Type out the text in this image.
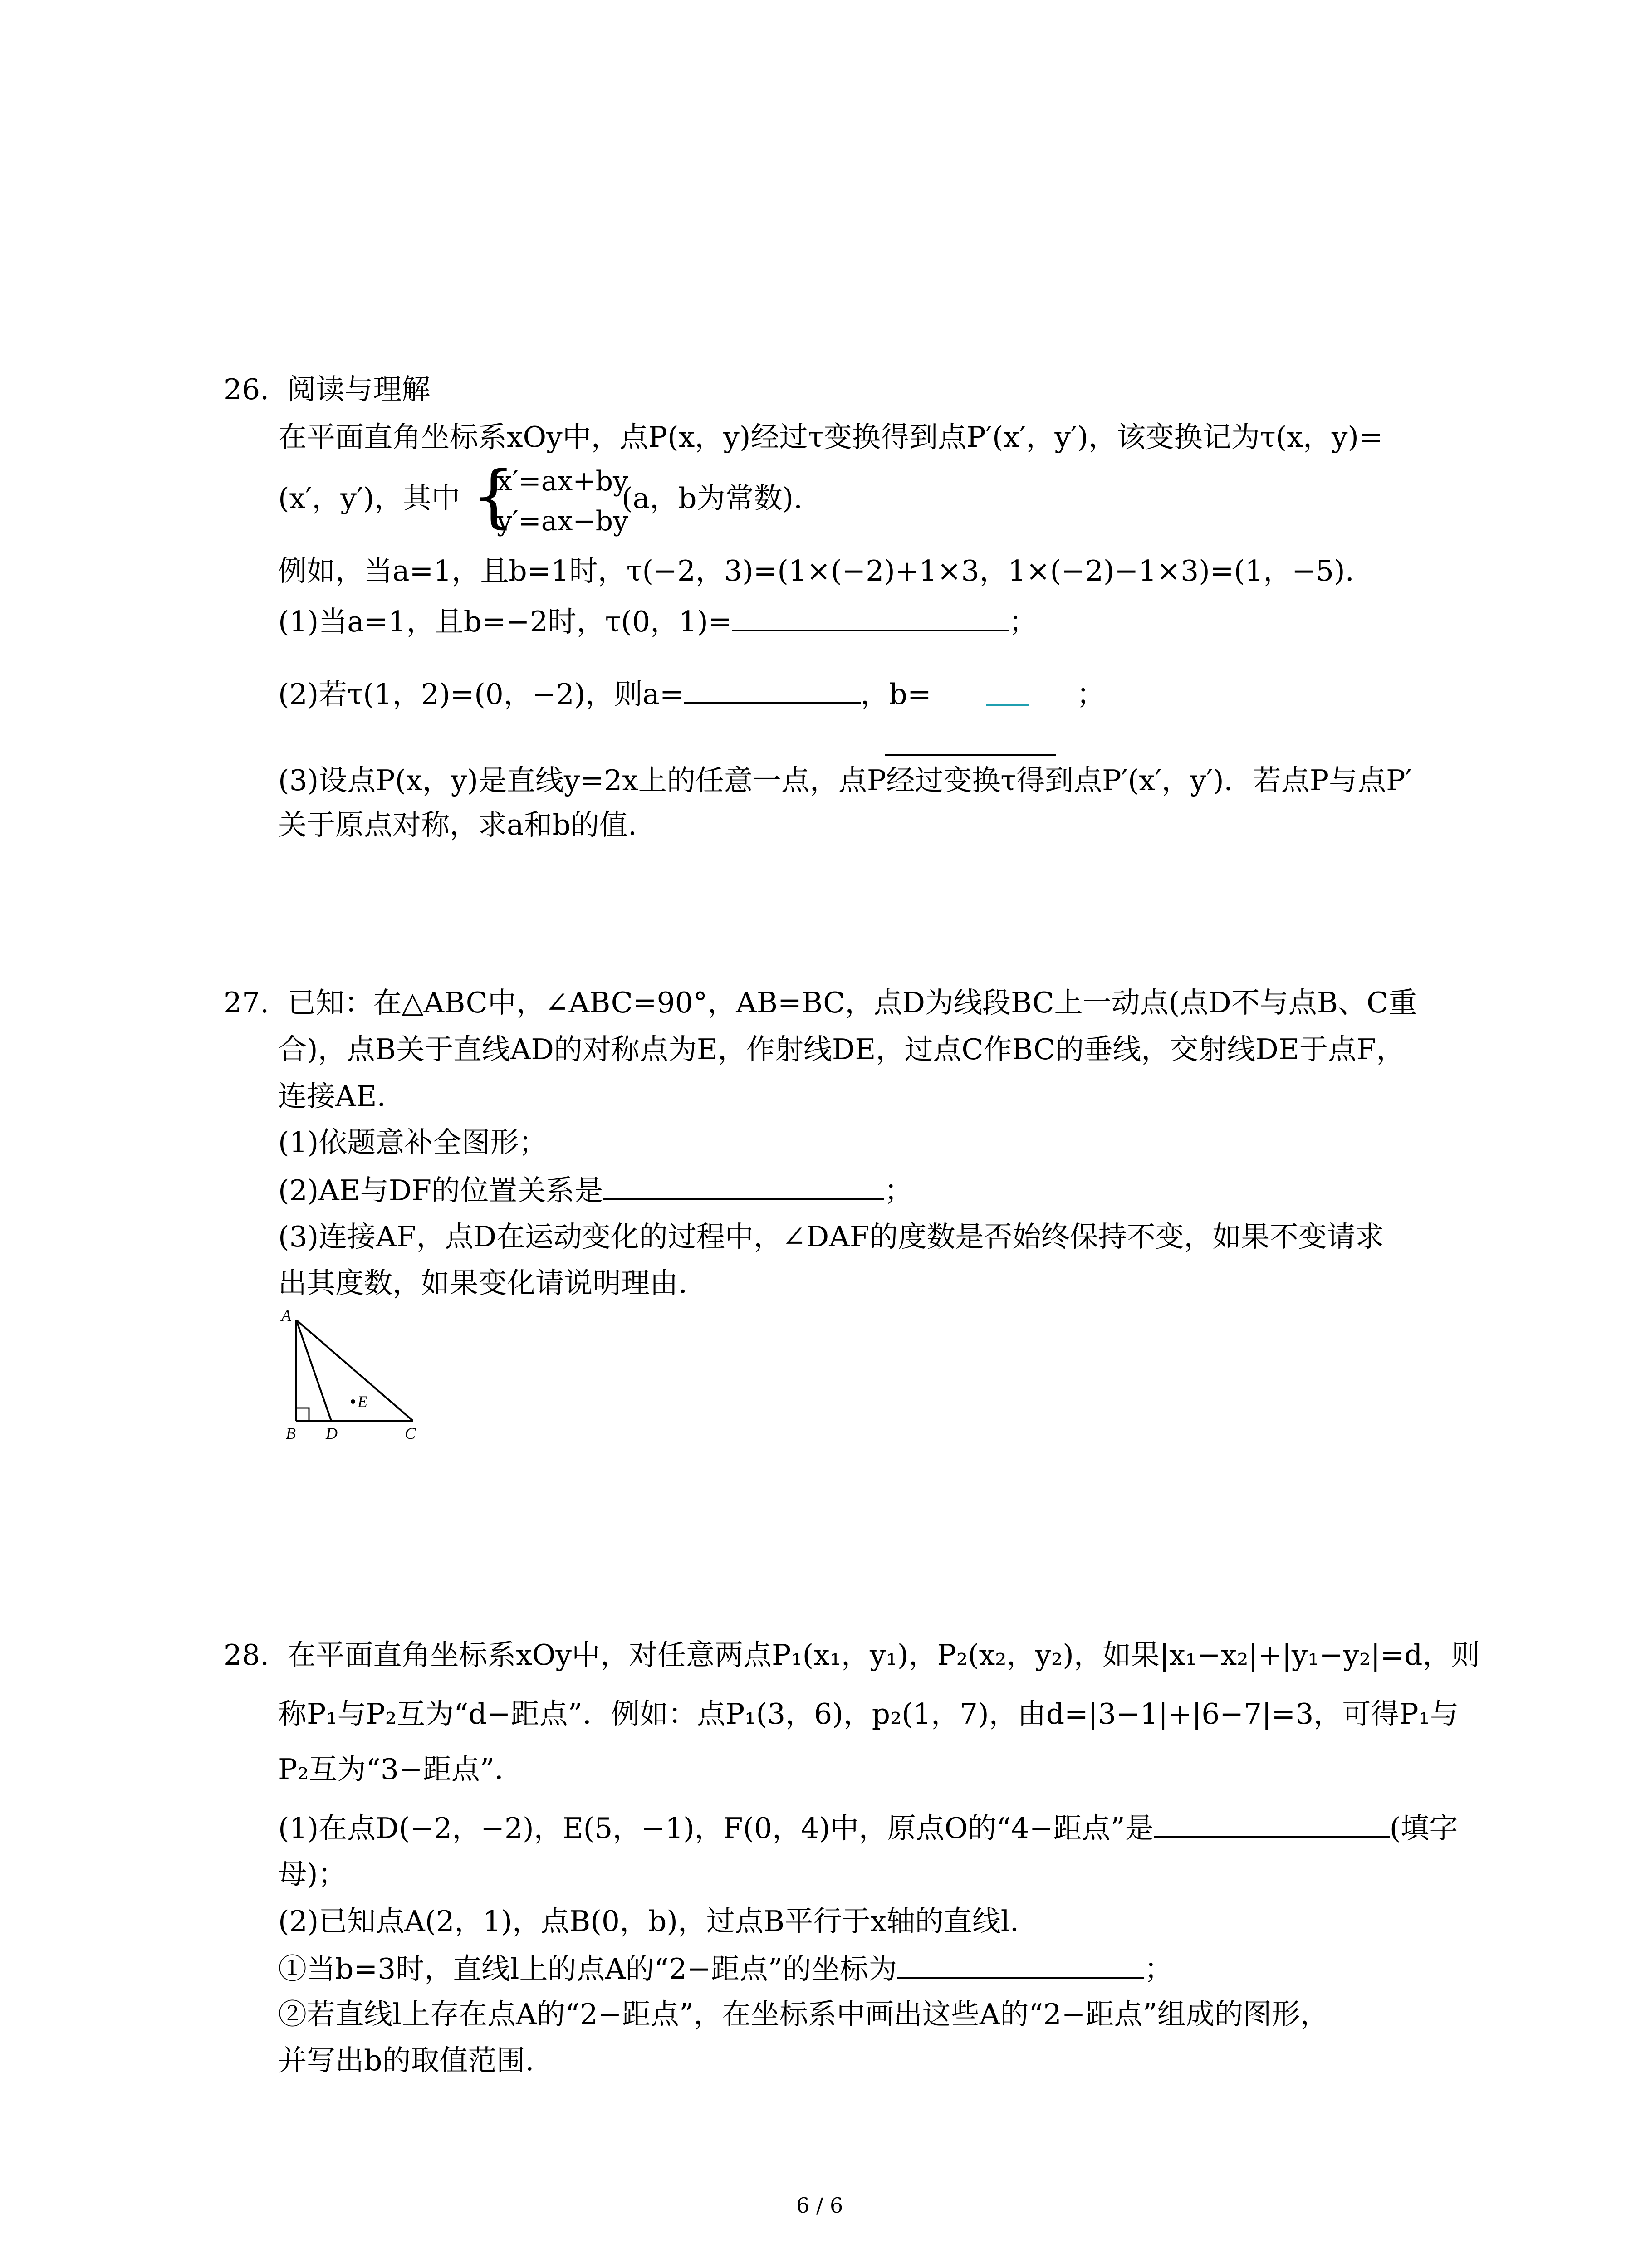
26. 阅读与理解
在平面直角坐标系xOy中，点P(x，y)经过τ变换得到点P′(x′，y′)，该变换记为τ(x，y)=
(x′，y′)，其中 {
x′=ax+by
y′=ax−by
(a，b为常数).
例如，当a=1，且b=1时，τ(−2，3)=(1×(−2)+1×3，1×(−2)−1×3)=(1，−5).
(1)当a=1，且b=−2时，τ(0，1)=	；
(2)若τ(1，2)=(0，−2)，则a=	，b=	；
(3)设点P(x，y)是直线y=2x上的任意一点，点P经过变换τ得到点P′(x′，y′)．若点P与点P′
关于原点对称，求a和b的值.
27. 已知：在△ABC中，∠ABC=90°，AB=BC，点D为线段BC上一动点(点D不与点B、C重
合)，点B关于直线AD的对称点为E，作射线DE，过点C作BC的垂线，交射线DE于点F，
连接AE.
(1)依题意补全图形；
(2)AE与DF的位置关系是	；
(3)连接AF，点D在运动变化的过程中，∠DAF的度数是否始终保持不变，如果不变请求
出其度数，如果变化请说明理由.
A
B D	C
E
28. 在平面直角坐标系xOy中，对任意两点P₁(x₁，y₁)，P₂(x₂，y₂)，如果|x₁−x₂|+|y₁−y₂|=d，则
称P₁与P₂互为“d−距点”．例如：点P₁(3，6)，p₂(1，7)，由d=|3−1|+|6−7|=3，可得P₁与
P₂互为“3−距点”．
(1)在点D(−2，−2)，E(5，−1)，F(0，4)中，原点O的“4−距点”是	(填字
母)；
(2)已知点A(2，1)，点B(0，b)，过点B平行于x轴的直线l.
①当b=3时，直线l上的点A的“2−距点”的坐标为	；
②若直线l上存在点A的“2−距点”，在坐标系中画出这些A的“2−距点”组成的图形，
并写出b的取值范围.
6 / 6
